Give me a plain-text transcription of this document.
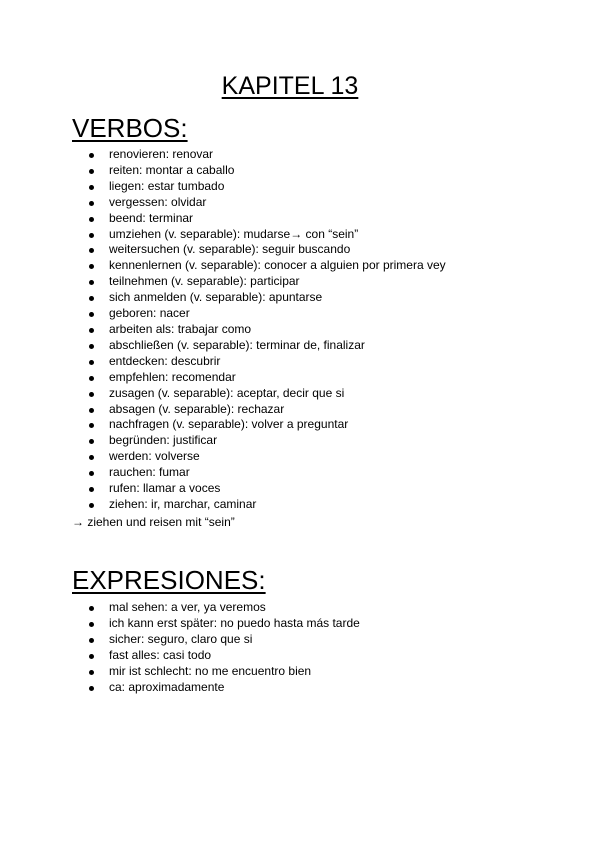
KAPITEL 13
VERBOS:
renovieren: renovar
reiten: montar a caballo
liegen: estar tumbado
vergessen: olvidar
beend: terminar
umziehen (v. separable): mudarse→ con “sein”
weitersuchen (v. separable): seguir buscando
kennenlernen (v. separable): conocer a alguien por primera vey
teilnehmen (v. separable): participar
sich anmelden (v. separable): apuntarse
geboren: nacer
arbeiten als: trabajar como
abschließen (v. separable): terminar de, finalizar
entdecken: descubrir
empfehlen: recomendar
zusagen (v. separable): aceptar, decir que si
absagen (v. separable): rechazar
nachfragen (v. separable): volver a preguntar
begründen: justificar
werden: volverse
rauchen: fumar
rufen: llamar a voces
ziehen: ir, marchar, caminar

→ ziehen und reisen mit “sein”

EXPRESIONES:
mal sehen: a ver, ya veremos
ich kann erst später: no puedo hasta más tarde
sicher: seguro, claro que si
fast alles: casi todo
mir ist schlecht: no me encuentro bien
ca: aproximadamente
